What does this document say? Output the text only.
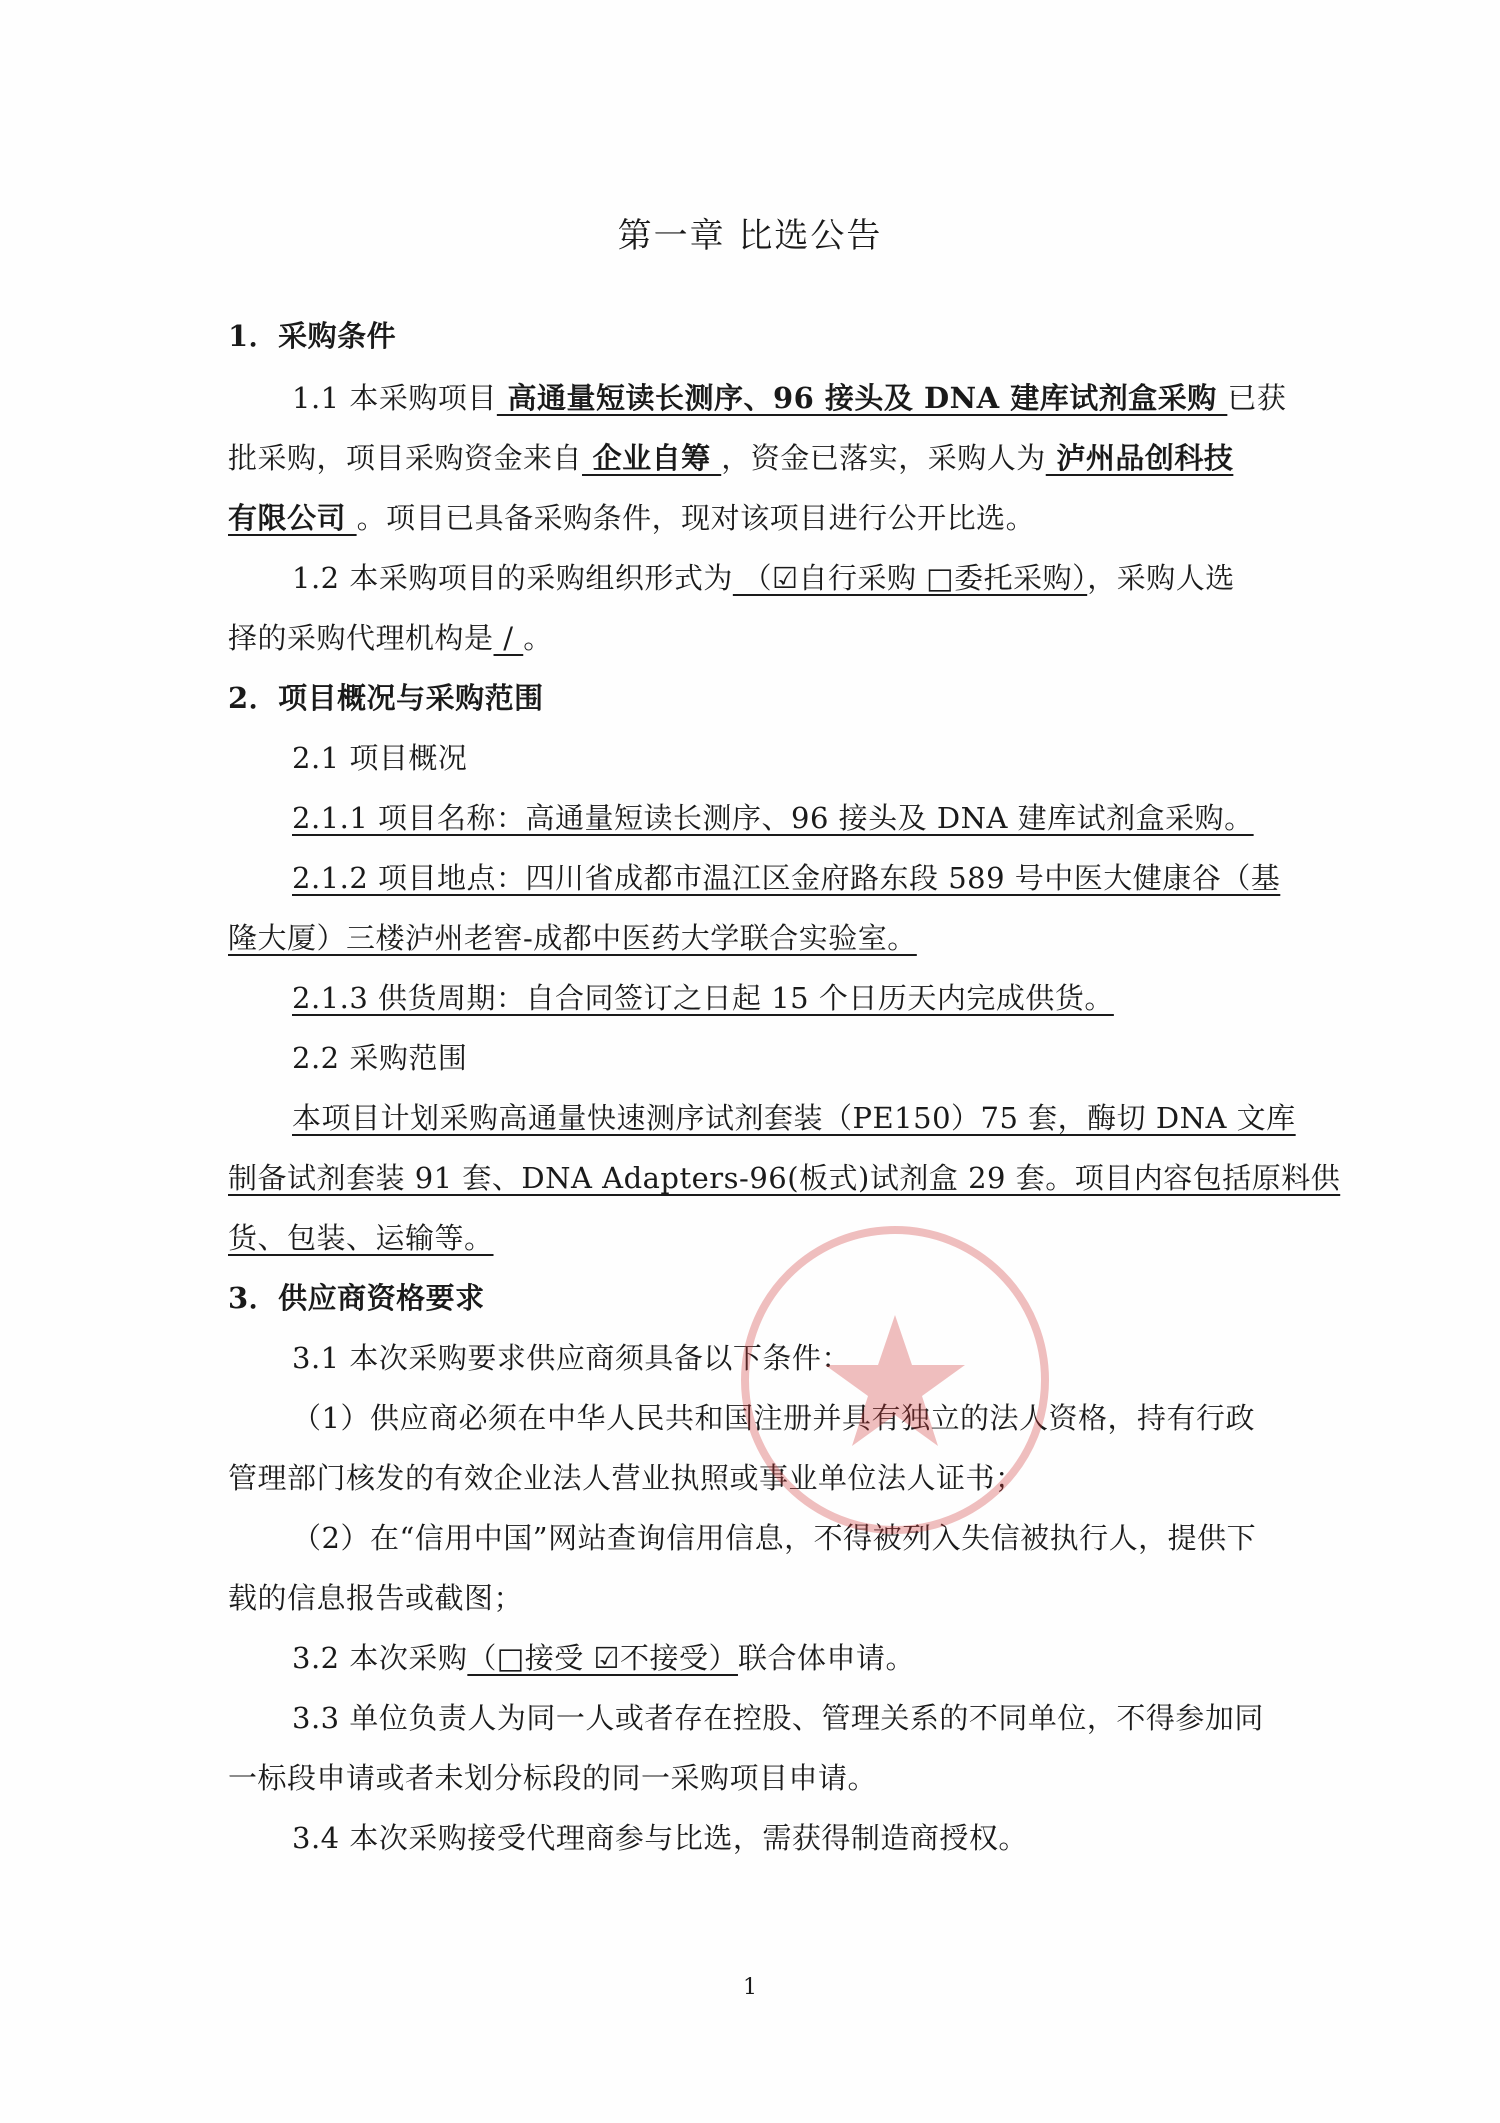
第一章 比选公告
1．采购条件
1.1 本采购项目 高通量短读长测序、96 接头及 DNA 建库试剂盒采购 已获
批采购，项目采购资金来自 企业自筹 ，资金已落实，采购人为 泸州品创科技
有限公司 。项目已具备采购条件，现对该项目进行公开比选。
1.2 本采购项目的采购组织形式为 （☑自行采购 □委托采购），采购人选
择的采购代理机构是 / 。
2．项目概况与采购范围
2.1 项目概况
2.1.1 项目名称：高通量短读长测序、96 接头及 DNA 建库试剂盒采购。
2.1.2 项目地点：四川省成都市温江区金府路东段 589 号中医大健康谷（基
隆大厦）三楼泸州老窖-成都中医药大学联合实验室。
2.1.3 供货周期：自合同签订之日起 15 个日历天内完成供货。
2.2 采购范围
本项目计划采购高通量快速测序试剂套装（PE150）75 套，酶切 DNA 文库
制备试剂套装 91 套、DNA Adapters-96(板式)试剂盒 29 套。项目内容包括原料供
货、包装、运输等。
3．供应商资格要求
3.1 本次采购要求供应商须具备以下条件：
（1）供应商必须在中华人民共和国注册并具有独立的法人资格，持有行政
管理部门核发的有效企业法人营业执照或事业单位法人证书；
（2）在“信用中国”网站查询信用信息，不得被列入失信被执行人，提供下
载的信息报告或截图；
3.2 本次采购（□接受 ☑不接受）联合体申请。
3.3 单位负责人为同一人或者存在控股、管理关系的不同单位，不得参加同
一标段申请或者未划分标段的同一采购项目申请。
3.4 本次采购接受代理商参与比选，需获得制造商授权。
1
